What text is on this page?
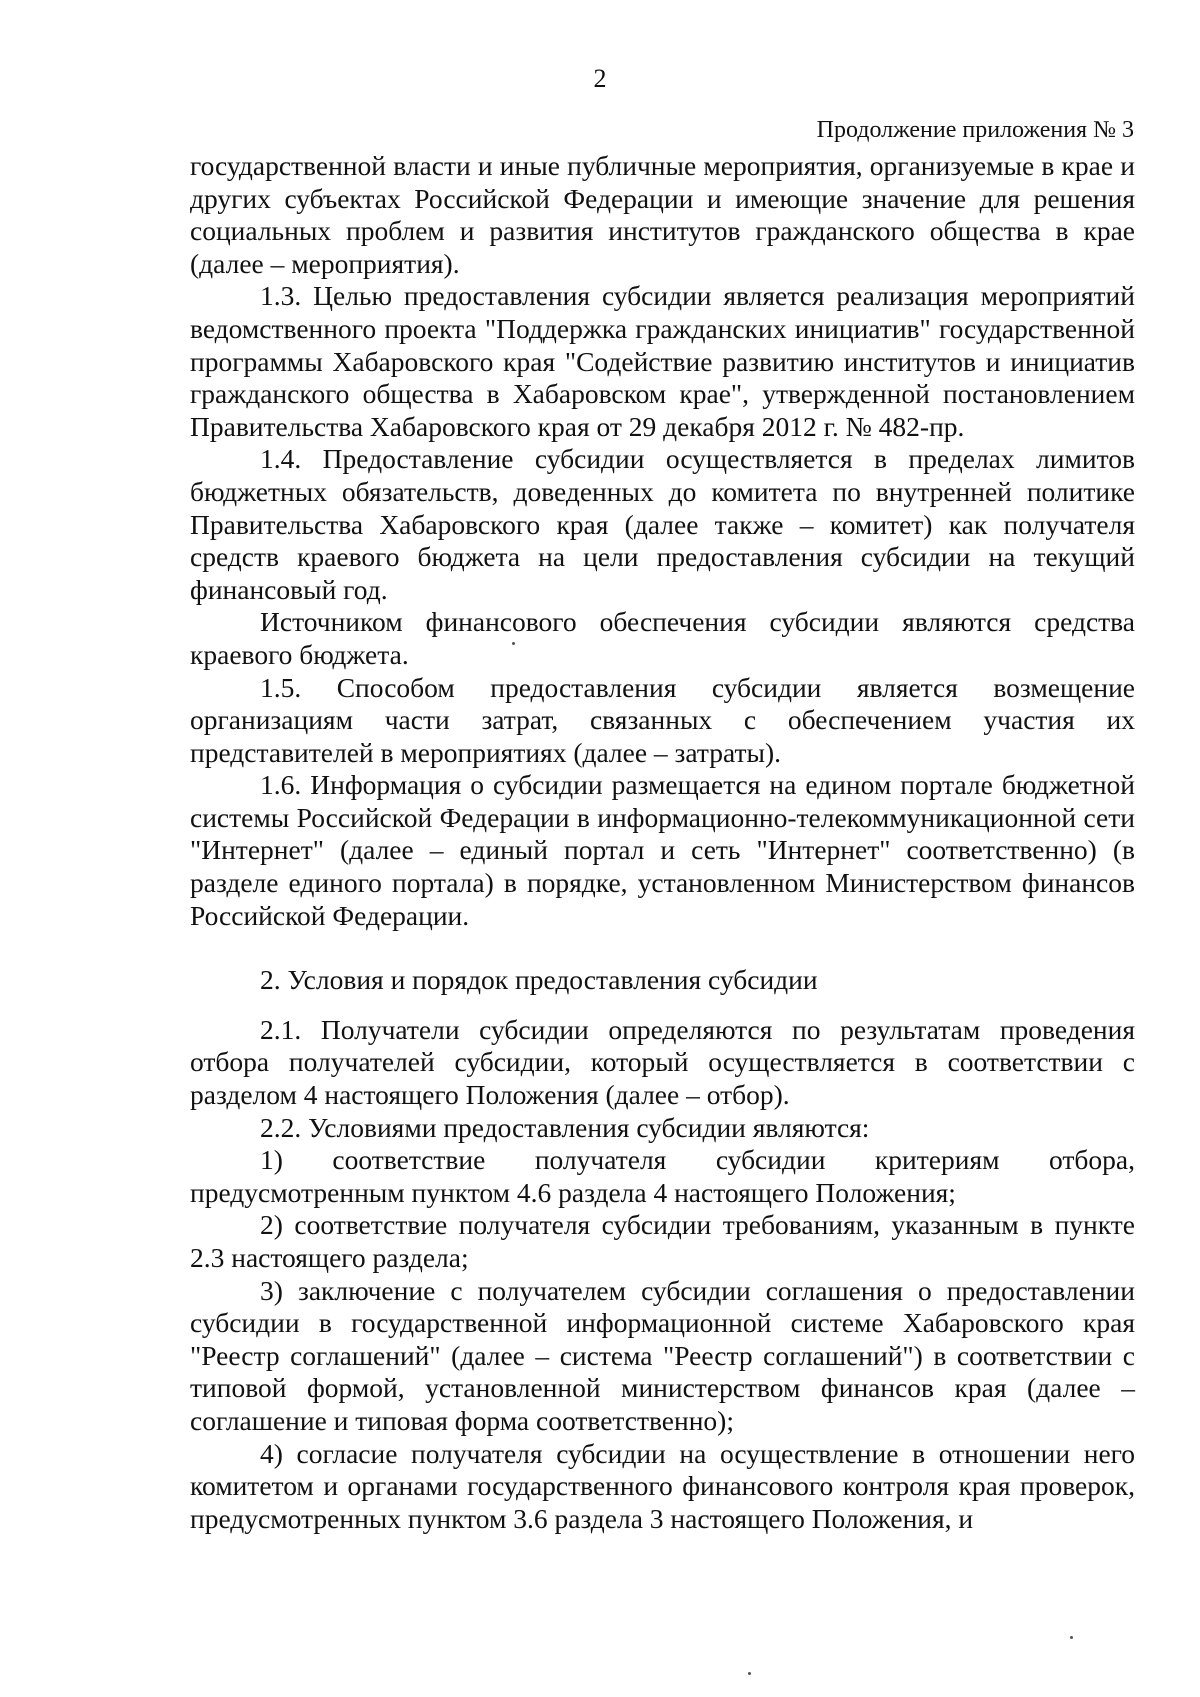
2
Продолжение приложения № 3

государственной власти и иные публичные мероприятия, организуемые в крае и других субъектах Российской Федерации и имеющие значение для решения социальных проблем и развития институтов гражданского общества в крае (далее – мероприятия).

1.3. Целью предоставления субсидии является реализация мероприятий ведомственного проекта "Поддержка гражданских инициатив" государственной программы Хабаровского края "Содействие развитию институтов и инициатив гражданского общества в Хабаровском крае", утвержденной постановлением Правительства Хабаровского края от 29 декабря 2012 г. № 482-пр.

1.4. Предоставление субсидии осуществляется в пределах лимитов бюджетных обязательств, доведенных до комитета по внутренней политике Правительства Хабаровского края (далее также – комитет) как получателя средств краевого бюджета на цели предоставления субсидии на текущий финансовый год.

Источником финансового обеспечения субсидии являются средства краевого бюджета.

1.5. Способом предоставления субсидии является возмещение организациям части затрат, связанных с обеспечением участия их представителей в мероприятиях (далее – затраты).

1.6. Информация о субсидии размещается на едином портале бюджетной системы Российской Федерации в информационно-телекоммуникационной сети "Интернет" (далее – единый портал и сеть "Интернет" соответственно) (в разделе единого портала) в порядке, установленном Министерством финансов Российской Федерации.

2. Условия и порядок предоставления субсидии

2.1. Получатели субсидии определяются по результатам проведения отбора получателей субсидии, который осуществляется в соответствии с разделом 4 настоящего Положения (далее – отбор).

2.2. Условиями предоставления субсидии являются:

1) соответствие получателя субсидии критериям отбора, предусмотренным пунктом 4.6 раздела 4 настоящего Положения;

2) соответствие получателя субсидии требованиям, указанным в пункте 2.3 настоящего раздела;

3) заключение с получателем субсидии соглашения о предоставлении субсидии в государственной информационной системе Хабаровского края "Реестр соглашений" (далее – система "Реестр соглашений") в соответствии с типовой формой, установленной министерством финансов края (далее – соглашение и типовая форма соответственно);

4) согласие получателя субсидии на осуществление в отношении него комитетом и органами государственного финансового контроля края проверок, предусмотренных пунктом 3.6 раздела 3 настоящего Положения, и
